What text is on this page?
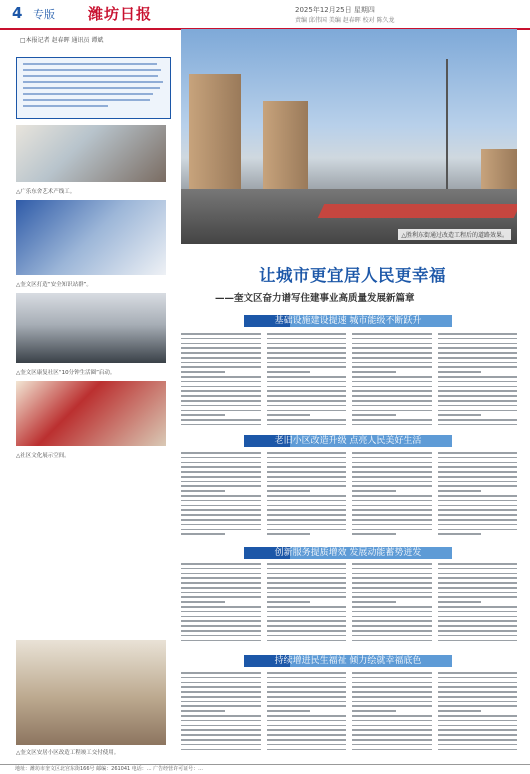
4 专版 潍坊日报	2025年12月25日 星期四
责编 邱伟国 美编 赵春晖 校对 陈久龙
□本报记者 赵春晖 通讯员 谭斌
△广乐东舍艺术产线工。
△奎文区打造“安全知识站群”。
△奎文区康复社区“10分钟生活圈”启动。
△社区文化展示空间。
△胜利东街通过改造工程后的道路效果。
让城市更宜居人民更幸福
——奎文区奋力谱写住建事业高质量发展新篇章
基础设施建设提速 城市能级不断跃升
老旧小区改造升级 点亮人民美好生活
创新服务提质增效 发展动能蓄势迸发
持续增进民生福祉 倾力绘就幸福底色
△奎文区安居小区改造工程竣工交付使用。
地址：潍坊市奎文区北宫东街166号 邮编：261041 电话：... 广告经营许可证号：...
